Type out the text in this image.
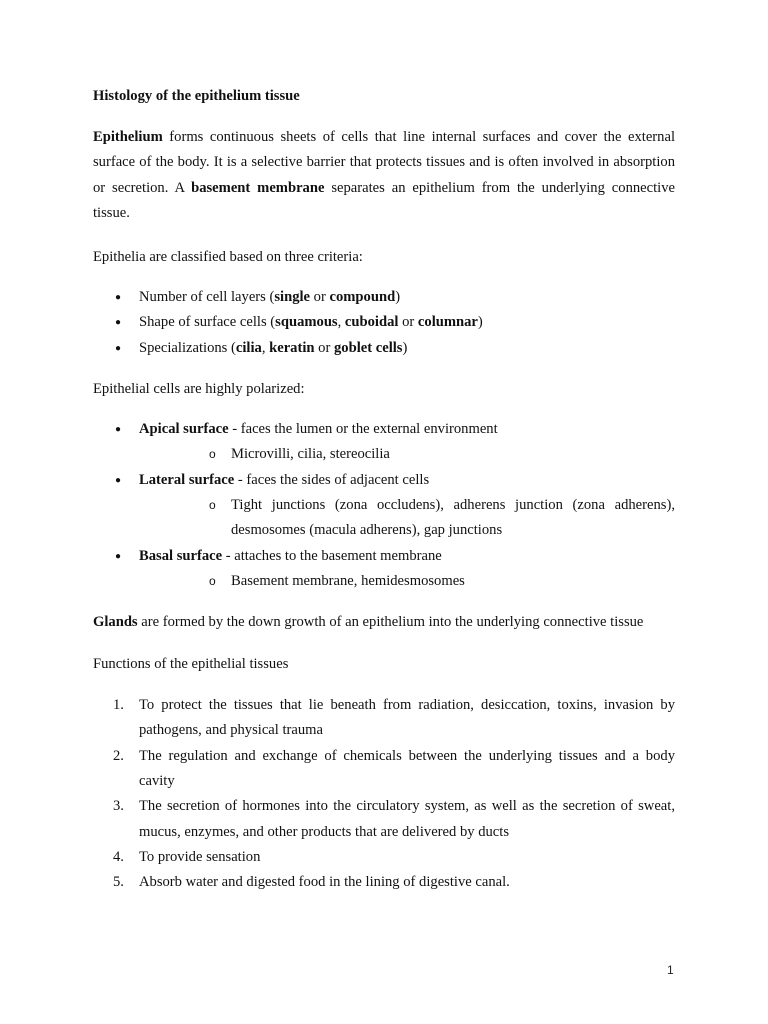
Histology of the epithelium tissue

Epithelium forms continuous sheets of cells that line internal surfaces and cover the external surface of the body. It is a selective barrier that protects tissues and is often involved in absorption or secretion. A basement membrane separates an epithelium from the underlying connective tissue.

Epithelia are classified based on three criteria:

● Number of cell layers (single or compound)
● Shape of surface cells (squamous, cuboidal or columnar)
● Specializations (cilia, keratin or goblet cells)

Epithelial cells are highly polarized:

● Apical surface - faces the lumen or the external environment
o Microvilli, cilia, stereocilia
● Lateral surface - faces the sides of adjacent cells
o Tight junctions (zona occludens), adherens junction (zona adherens), desmosomes (macula adherens), gap junctions
● Basal surface - attaches to the basement membrane
o Basement membrane, hemidesmosomes

Glands are formed by the down growth of an epithelium into the underlying connective tissue

Functions of the epithelial tissues

1. To protect the tissues that lie beneath from radiation, desiccation, toxins, invasion by pathogens, and physical trauma
2. The regulation and exchange of chemicals between the underlying tissues and a body cavity
3. The secretion of hormones into the circulatory system, as well as the secretion of sweat, mucus, enzymes, and other products that are delivered by ducts
4. To provide sensation
5. Absorb water and digested food in the lining of digestive canal.
1
